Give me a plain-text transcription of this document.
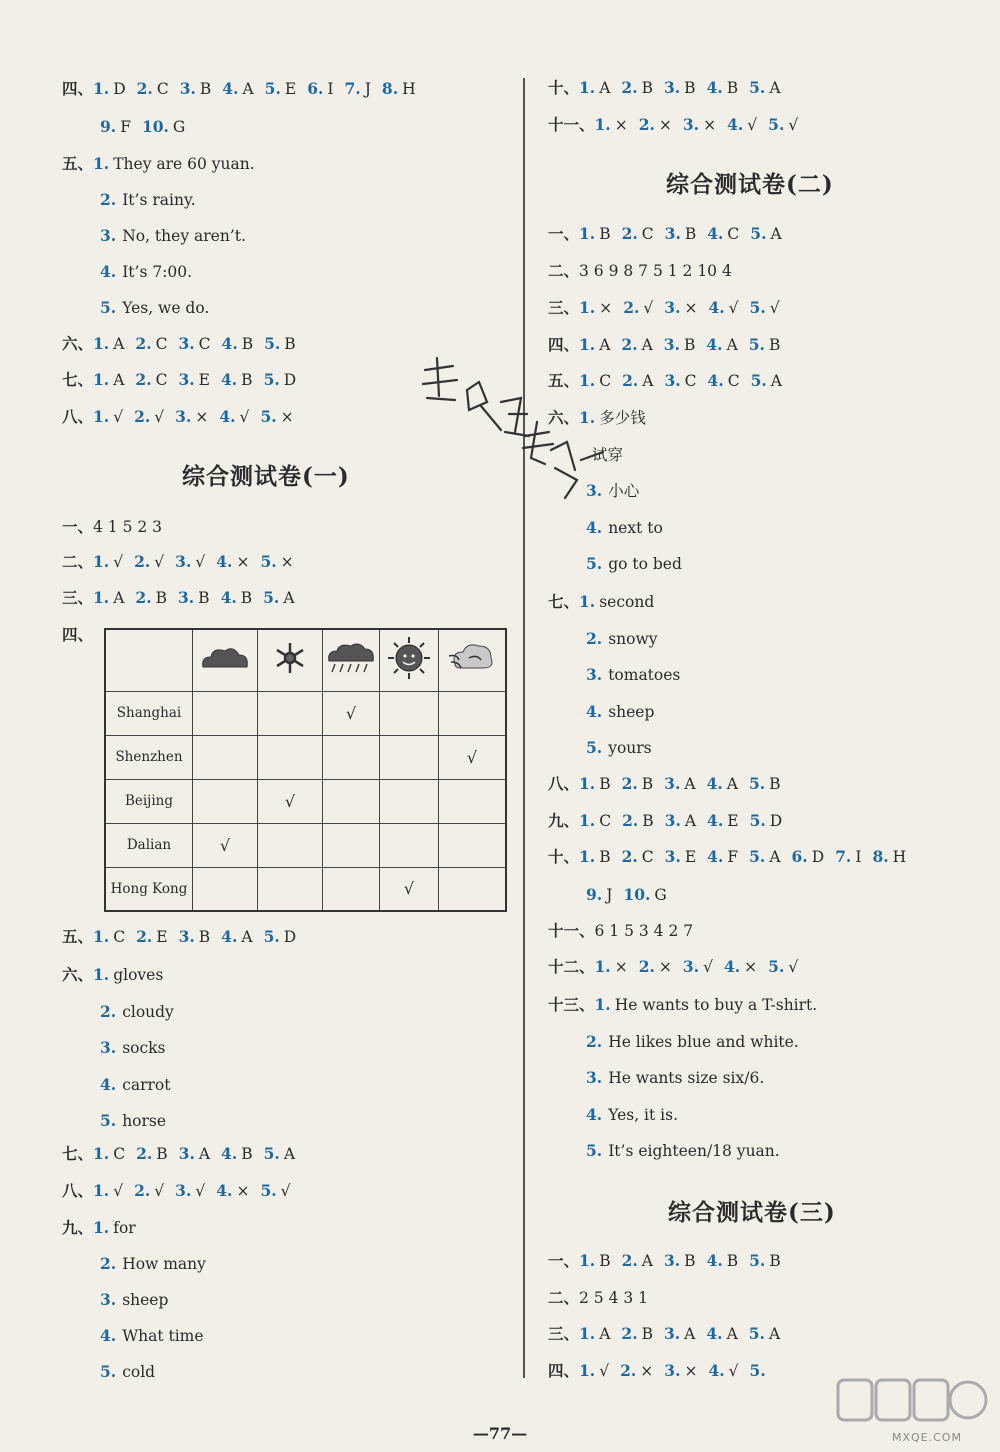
四、1. D 2. C 3. B 4. A 5. E 6. I 7. J 8. H
9. F 10. G
五、1. They are 60 yuan.
2. It’s rainy.
3. No, they aren’t.
4. It’s 7:00.
5. Yes, we do.
六、1. A 2. C 3. C 4. B 5. B
七、1. A 2. C 3. E 4. B 5. D
八、1. √ 2. √ 3. × 4. √ 5. ×
综合测试卷(一)
一、4 1 5 2 3
二、1. √ 2. √ 3. √ 4. × 5. ×
三、1. A 2. B 3. B 4. B 5. A
四、

Shanghai			√		
Shenzhen					√
Beijing		√			
Dalian	√				
Hong Kong				√	
五、1. C 2. E 3. B 4. A 5. D
六、1. gloves
2. cloudy
3. socks
4. carrot
5. horse
七、1. C 2. B 3. A 4. B 5. A
八、1. √ 2. √ 3. √ 4. × 5. √
九、1. for
2. How many
3. sheep
4. What time
5. cold
十、1. A 2. B 3. B 4. B 5. A
十一、1. × 2. × 3. × 4. √ 5. √
综合测试卷(二)
一、1. B 2. C 3. B 4. C 5. A
二、3 6 9 8 7 5 1 2 10 4
三、1. × 2. √ 3. × 4. √ 5. √
四、1. A 2. A 3. B 4. A 5. B
五、1. C 2. A 3. C 4. C 5. A
六、1. 多少钱
试穿
3. 小心
4. next to
5. go to bed
七、1. second
2. snowy
3. tomatoes
4. sheep
5. yours
八、1. B 2. B 3. A 4. A 5. B
九、1. C 2. B 3. A 4. E 5. D
十、1. B 2. C 3. E 4. F 5. A 6. D 7. I 8. H
9. J 10. G
十一、6 1 5 3 4 2 7
十二、1. × 2. × 3. √ 4. × 5. √
十三、1. He wants to buy a T-shirt.
2. He likes blue and white.
3. He wants size six/6.
4. Yes, it is.
5. It’s eighteen/18 yuan.
综合测试卷(三)
一、1. B 2. A 3. B 4. B 5. B
二、2 5 4 3 1
三、1. A 2. B 3. A 4. A 5. A
四、1. √ 2. × 3. × 4. √ 5.
—77—	MXQE.COM
